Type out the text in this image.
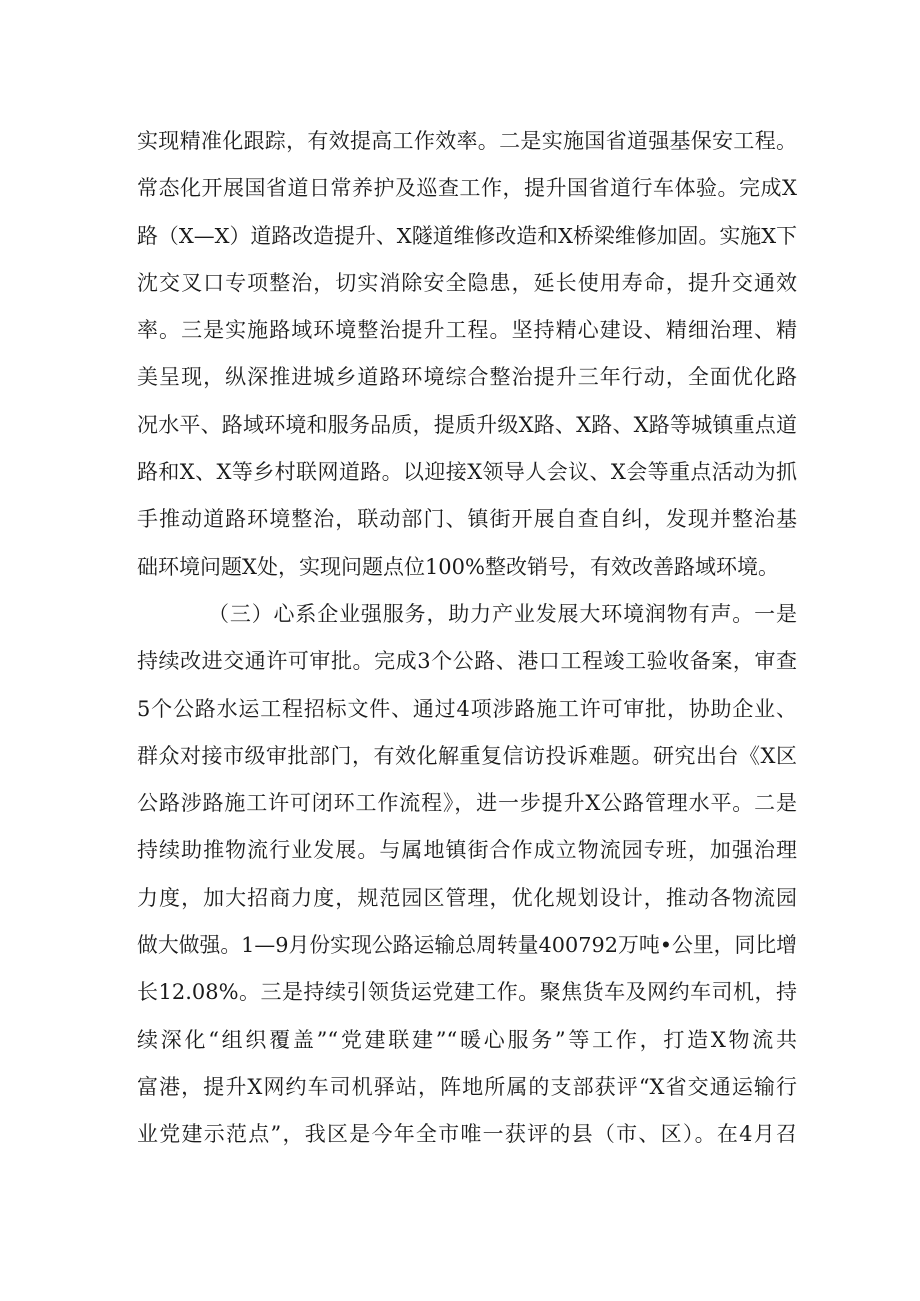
实现精准化跟踪，有效提高工作效率。二是实施国省道强基保安工程。
常态化开展国省道日常养护及巡查工作，提升国省道行车体验。完成X
路（X—X）道路改造提升、X隧道维修改造和X桥梁维修加固。实施X下
沈交叉口专项整治，切实消除安全隐患，延长使用寿命，提升交通效
率。三是实施路域环境整治提升工程。坚持精心建设、精细治理、精
美呈现，纵深推进城乡道路环境综合整治提升三年行动，全面优化路
况水平、路域环境和服务品质，提质升级X路、X路、X路等城镇重点道
路和X、X等乡村联网道路。以迎接X领导人会议、X会等重点活动为抓
手推动道路环境整治，联动部门、镇街开展自查自纠，发现并整治基
础环境问题X处，实现问题点位100%整改销号，有效改善路域环境。
（三）心系企业强服务，助力产业发展大环境润物有声。一是
持续改进交通许可审批。完成3个公路、港口工程竣工验收备案，审查
5个公路水运工程招标文件、通过4项涉路施工许可审批，协助企业、
群众对接市级审批部门，有效化解重复信访投诉难题。研究出台《X区
公路涉路施工许可闭环工作流程》，进一步提升X公路管理水平。二是
持续助推物流行业发展。与属地镇街合作成立物流园专班，加强治理
力度，加大招商力度，规范园区管理，优化规划设计，推动各物流园
做大做强。1—9月份实现公路运输总周转量400792万吨•公里，同比增
长12.08%。三是持续引领货运党建工作。聚焦货车及网约车司机，持
续深化“组织覆盖”“党建联建”“暖心服务”等工作，打造X物流共
富港，提升X网约车司机驿站，阵地所属的支部获评“X省交通运输行
业党建示范点”，我区是今年全市唯一获评的县（市、区）。在4月召
